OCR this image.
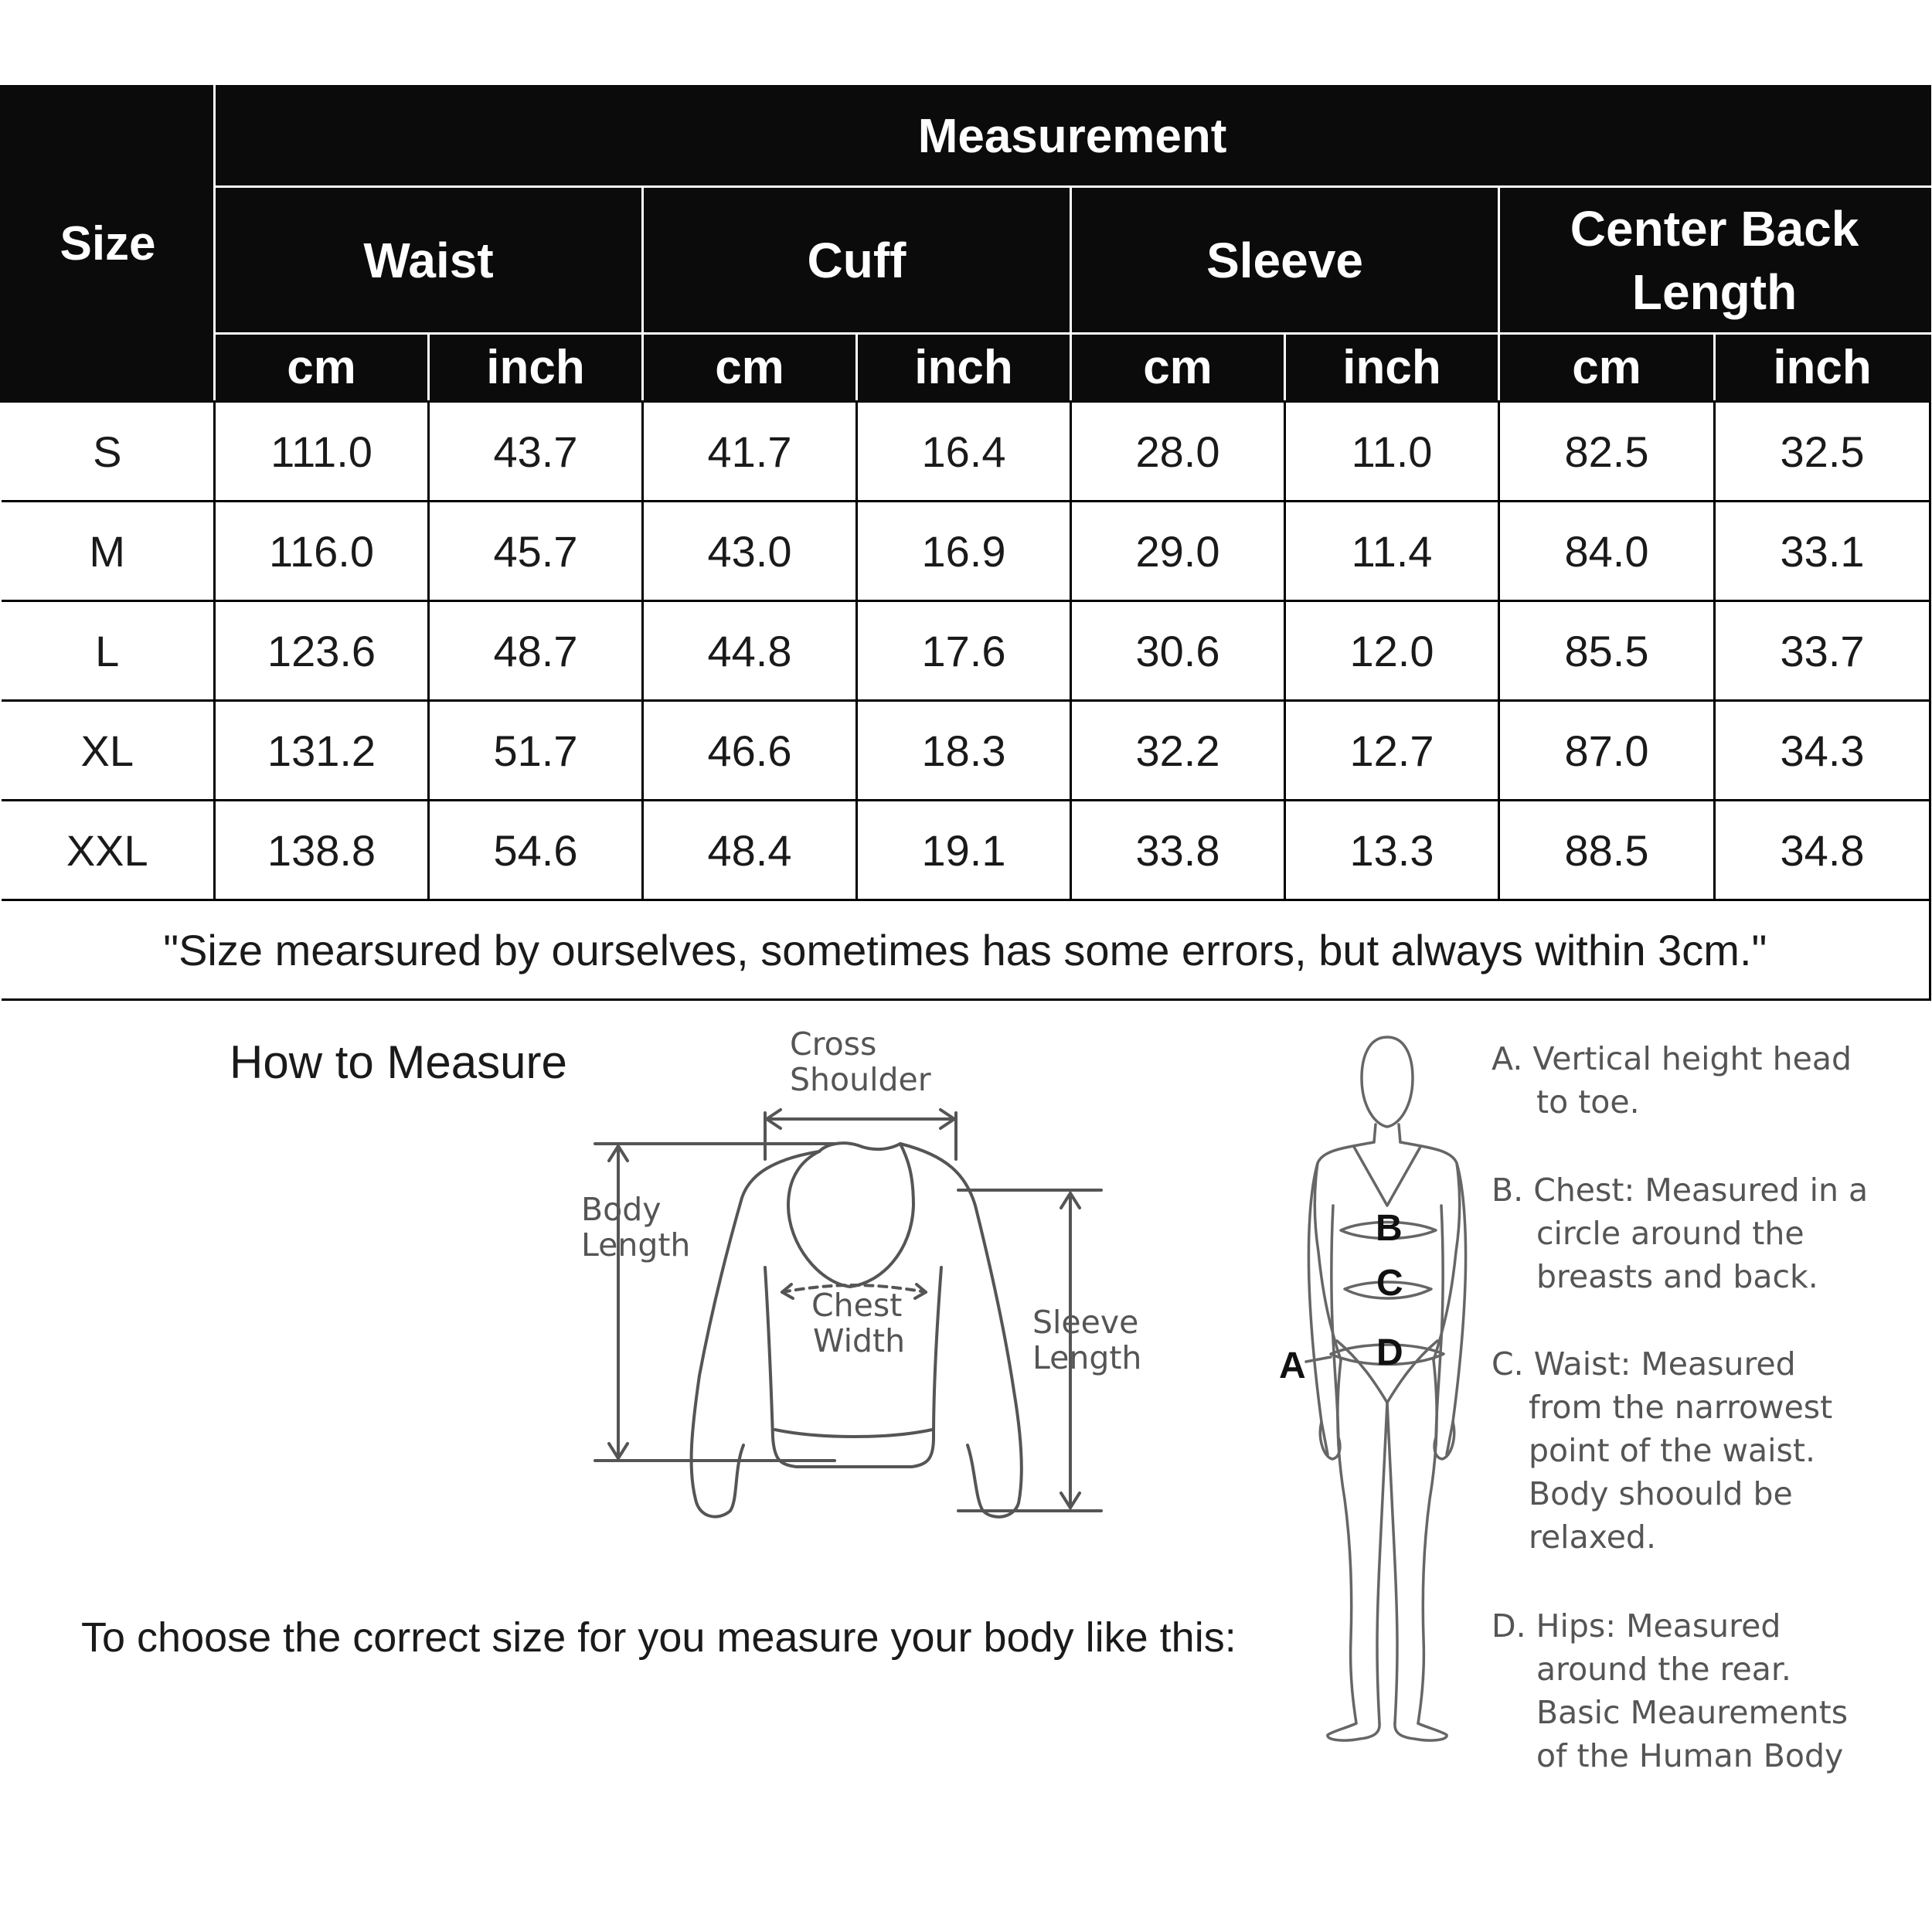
Size	Measurement							
	Waist		Cuff		Sleeve		Center Back Length	
	cm	inch	cm	inch	cm	inch	cm	inch
S	111.0	43.7	41.7	16.4	28.0	11.0	82.5	32.5
M	116.0	45.7	43.0	16.9	29.0	11.4	84.0	33.1
L	123.6	48.7	44.8	17.6	30.6	12.0	85.5	33.7
XL	131.2	51.7	46.6	18.3	32.2	12.7	87.0	34.3
XXL	138.8	54.6	48.4	19.1	33.8	13.3	88.5	34.8
"Size mearsured by ourselves, sometimes has some errors, but always within 3cm."								
How to Measure
To choose the correct size for you measure your body like this:
Cross
Shoulder
Body
Length
Chest
Width	Sleeve
Length
B
C
D
A
A. Vertical height head
to toe.
B. Chest: Measured in a
circle around the
breasts and back.
C. Waist: Measured
from the narrowest
point of the waist.
Body shoould be
relaxed.
D. Hips: Measured
around the rear.
Basic Meaurements
of the Human Body
